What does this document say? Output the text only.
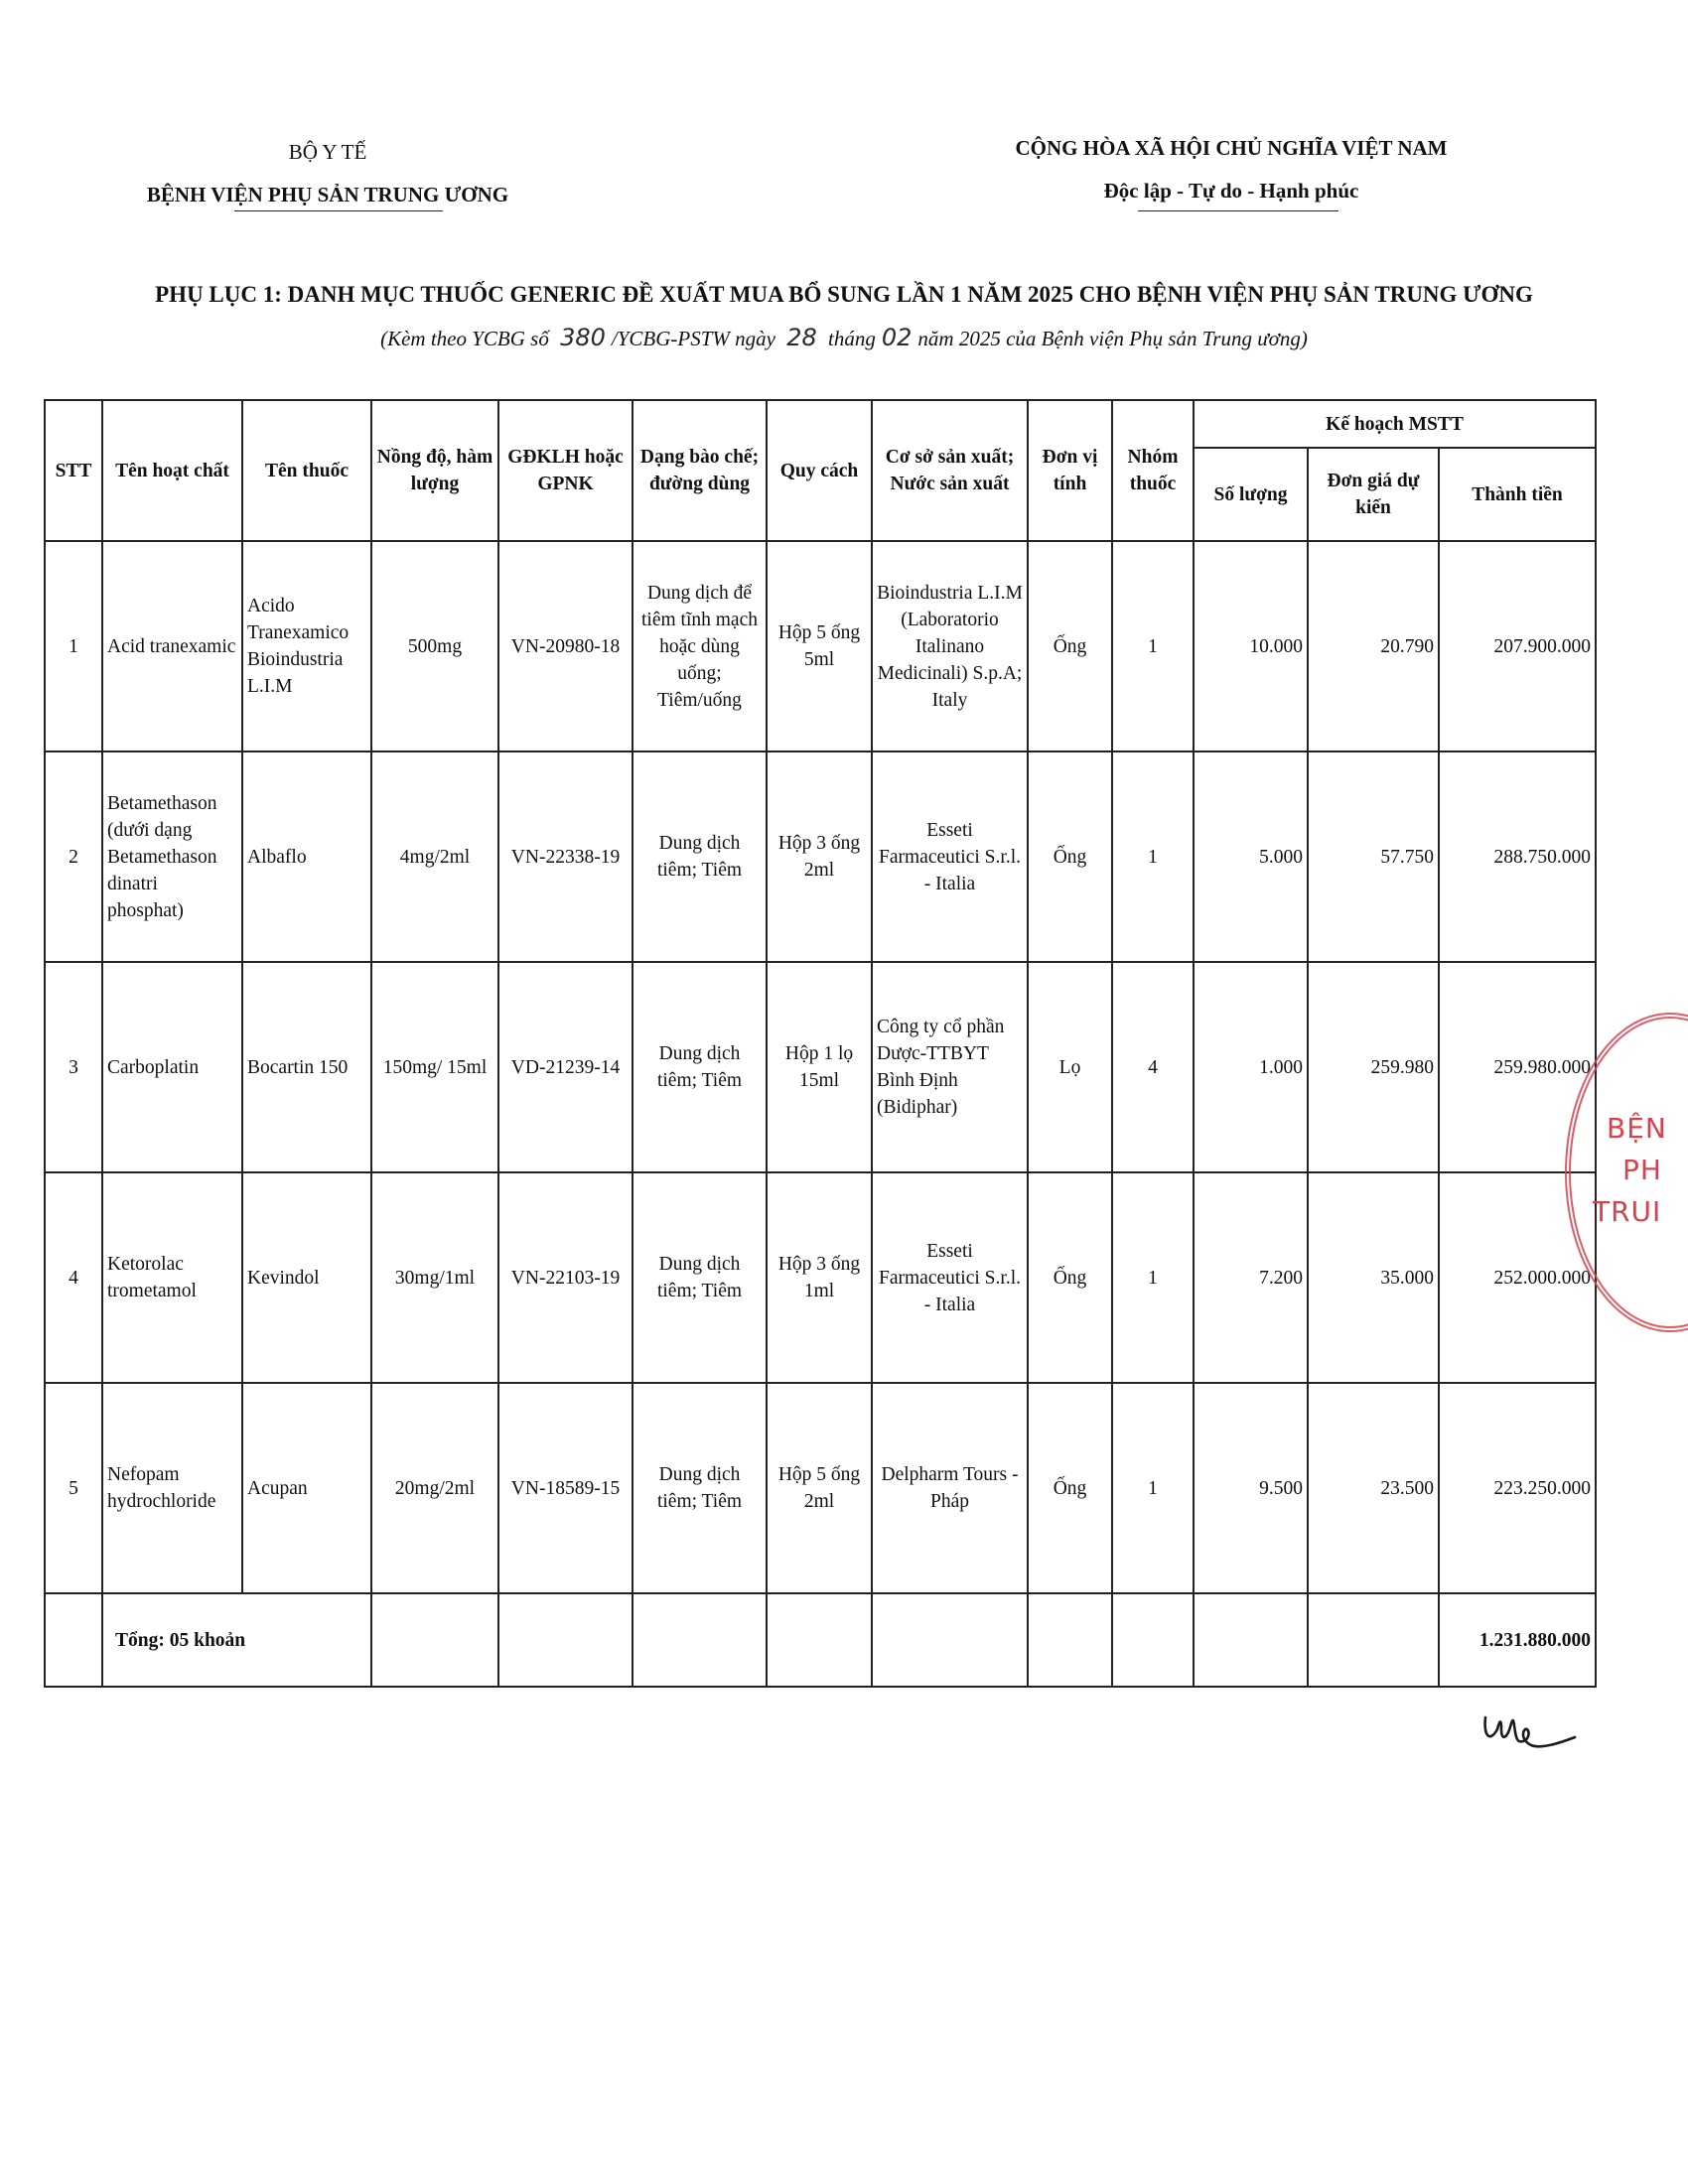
BỘ Y TẾ
BỆNH VIỆN PHỤ SẢN TRUNG ƯƠNG
CỘNG HÒA XÃ HỘI CHỦ NGHĨA VIỆT NAM
Độc lập - Tự do - Hạnh phúc
PHỤ LỤC 1: DANH MỤC THUỐC GENERIC ĐỀ XUẤT MUA BỔ SUNG LẦN 1 NĂM 2025 CHO BỆNH VIỆN PHỤ SẢN TRUNG ƯƠNG
(Kèm theo YCBG số 380 /YCBG-PSTW ngày 28 tháng 02 năm 2025 của Bệnh viện Phụ sản Trung ương)
STT	Tên hoạt chất	Tên thuốc	Nồng độ, hàm lượng	GĐKLH hoặc GPNK	Dạng bào chế; đường dùng	Quy cách	Cơ sở sản xuất; Nước sản xuất	Đơn vị tính	Nhóm thuốc	Kế hoạch MSTT		
										Số lượng	Đơn giá dự kiến	Thành tiền
1	Acid tranexamic	Acido Tranexamico Bioindustria L.I.M	500mg	VN-20980-18	Dung dịch để tiêm tĩnh mạch hoặc dùng uống; Tiêm/uống	Hộp 5 ống 5ml	Bioindustria L.I.M (Laboratorio Italinano Medicinali) S.p.A; Italy	Ống	1	10.000	20.790	207.900.000
2	Betamethason (dưới dạng Betamethason dinatri phosphat)	Albaflo	4mg/2ml	VN-22338-19	Dung dịch tiêm; Tiêm	Hộp 3 ống 2ml	Esseti Farmaceutici S.r.l. - Italia	Ống	1	5.000	57.750	288.750.000
3	Carboplatin	Bocartin 150	150mg/ 15ml	VD-21239-14	Dung dịch tiêm; Tiêm	Hộp 1 lọ 15ml	Công ty cổ phần Dược-TTBYT Bình Định (Bidiphar)	Lọ	4	1.000	259.980	259.980.000
4	Ketorolac trometamol	Kevindol	30mg/1ml	VN-22103-19	Dung dịch tiêm; Tiêm	Hộp 3 ống 1ml	Esseti Farmaceutici S.r.l. - Italia	Ống	1	7.200	35.000	252.000.000
5	Nefopam hydrochloride	Acupan	20mg/2ml	VN-18589-15	Dung dịch tiêm; Tiêm	Hộp 5 ống 2ml	Delpharm Tours - Pháp	Ống	1	9.500	23.500	223.250.000
	Tổng: 05 khoản											1.231.880.000
BỆN
PH
TRUI
